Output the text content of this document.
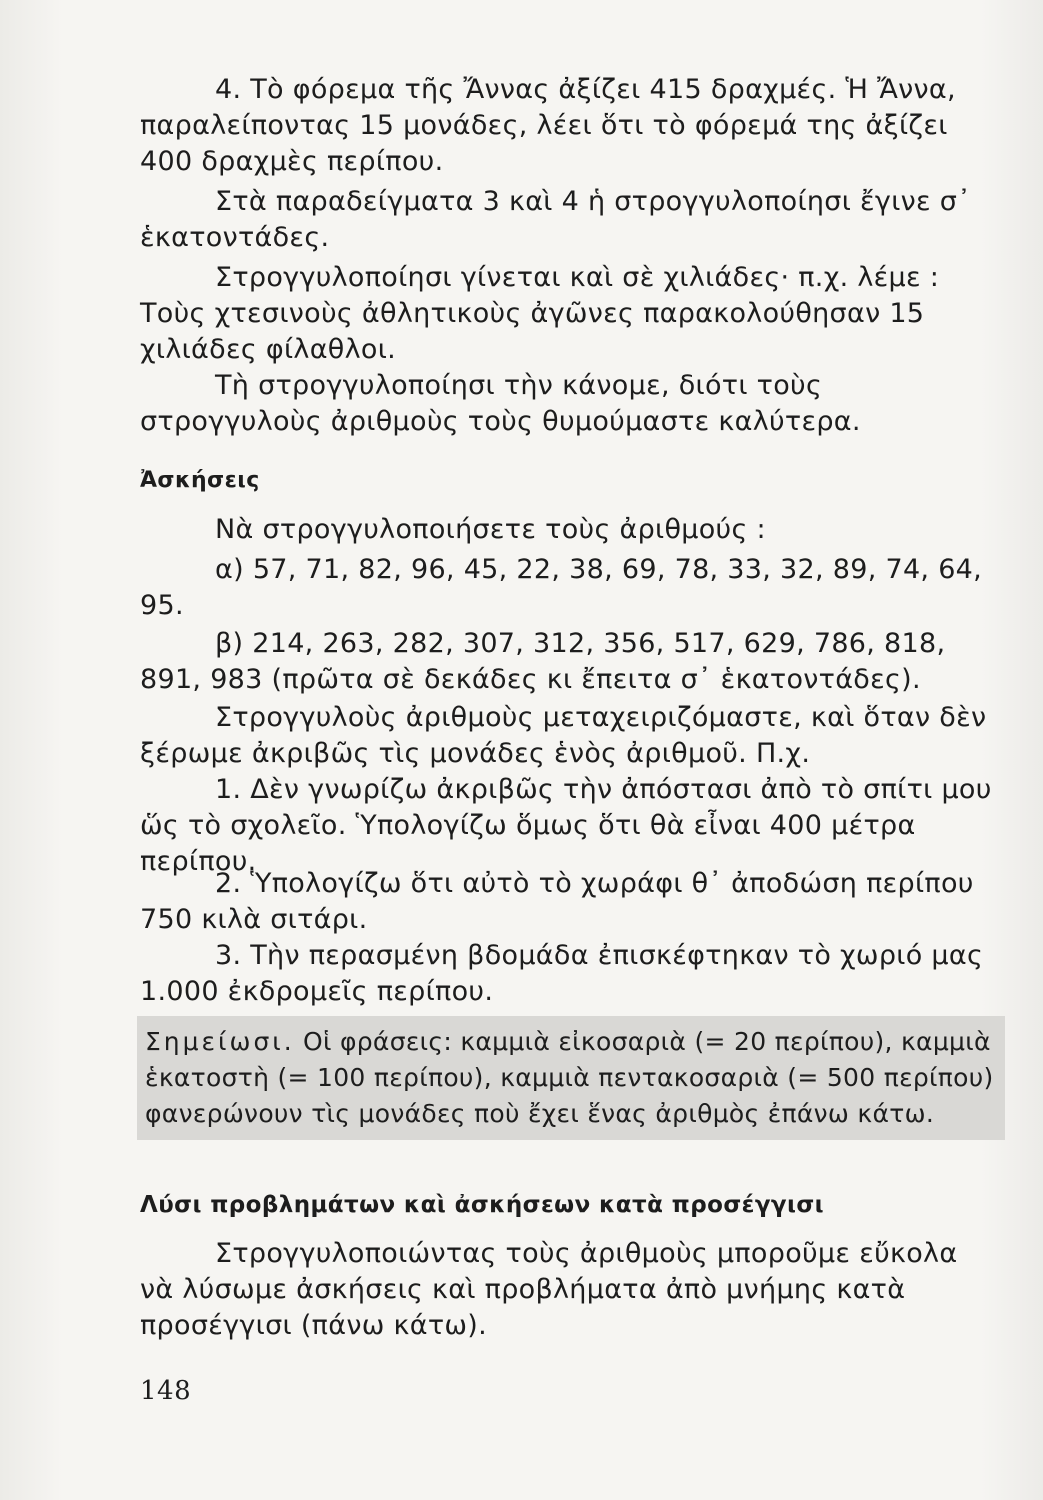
4. Τὸ φόρεμα τῆς Ἄννας ἀξίζει 415 δραχμές. Ἡ Ἄννα, παραλείποντας 15 μονάδες, λέει ὅτι τὸ φόρεμά της ἀξίζει 400 δραχμὲς περίπου.

Στὰ παραδείγματα 3 καὶ 4 ἡ στρογγυλοποίησι ἔγινε σ᾽ ἑκατοντάδες.

Στρογγυλοποίησι γίνεται καὶ σὲ χιλιάδες· π.χ. λέμε : Τοὺς χτεσινοὺς ἀθλητικοὺς ἀγῶνες παρακολούθησαν 15 χιλιάδες φίλαθλοι.

Τὴ στρογγυλοποίησι τὴν κάνομε, διότι τοὺς στρογγυλοὺς ἀριθμοὺς τοὺς θυμούμαστε καλύτερα.

Ἀσκήσεις

Νὰ στρογγυλοποιήσετε τοὺς ἀριθμούς :

α) 57, 71, 82, 96, 45, 22, 38, 69, 78, 33, 32, 89, 74, 64, 95.

β) 214, 263, 282, 307, 312, 356, 517, 629, 786, 818, 891, 983 (πρῶτα σὲ δεκάδες κι ἔπειτα σ᾽ ἑκατοντάδες).

Στρογγυλοὺς ἀριθμοὺς μεταχειριζόμαστε, καὶ ὅταν δὲν ξέρωμε ἀκριβῶς τὶς μονάδες ἑνὸς ἀριθμοῦ. Π.χ.

1. Δὲν γνωρίζω ἀκριβῶς τὴν ἀπόστασι ἀπὸ τὸ σπίτι μου ὥς τὸ σχολεῖο. Ὑπολογίζω ὅμως ὅτι θὰ εἶναι 400 μέτρα περίπου.

2. Ὑπολογίζω ὅτι αὐτὸ τὸ χωράφι θ᾽ ἀποδώση περίπου 750 κιλὰ σιτάρι.

3. Τὴν περασμένη βδομάδα ἐπισκέφτηκαν τὸ χωριό μας 1.000 ἐκδρομεῖς περίπου.

Σημείωσι. Οἱ φράσεις: καμμιὰ εἰκοσαριὰ (= 20 περίπου), καμμιὰ ἑκατοστὴ (= 100 περίπου), καμμιὰ πεντακοσαριὰ (= 500 περίπου) φανερώνουν τὶς μονάδες ποὺ ἔχει ἕνας ἀριθμὸς ἐπάνω κάτω.

Λύσι προβλημάτων καὶ ἀσκήσεων κατὰ προσέγγισι

Στρογγυλοποιώντας τοὺς ἀριθμοὺς μποροῦμε εὔκολα νὰ λύσωμε ἀσκήσεις καὶ προβλήματα ἀπὸ μνήμης κατὰ προσέγγισι (πάνω κάτω).

148
